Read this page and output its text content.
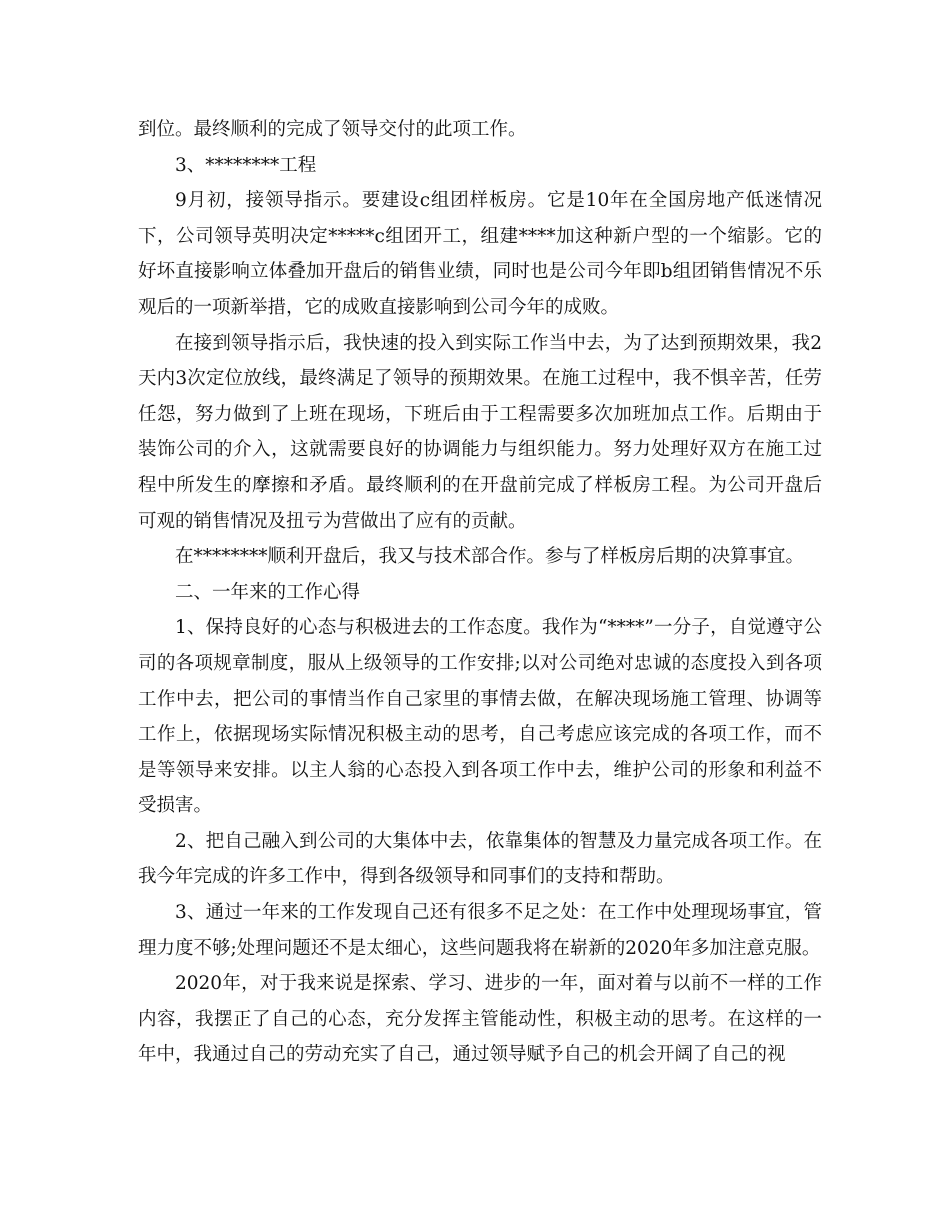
到位。最终顺利的完成了领导交付的此项工作。

3、********工程

9月初，接领导指示。要建设c组团样板房。它是10年在全国房地产低迷情况下，公司领导英明决定*****c组团开工，组建****加这种新户型的一个缩影。它的好坏直接影响立体叠加开盘后的销售业绩，同时也是公司今年即b组团销售情况不乐观后的一项新举措，它的成败直接影响到公司今年的成败。

在接到领导指示后，我快速的投入到实际工作当中去，为了达到预期效果，我2天内3次定位放线，最终满足了领导的预期效果。在施工过程中，我不惧辛苦，任劳任怨，努力做到了上班在现场，下班后由于工程需要多次加班加点工作。后期由于装饰公司的介入，这就需要良好的协调能力与组织能力。努力处理好双方在施工过程中所发生的摩擦和矛盾。最终顺利的在开盘前完成了样板房工程。为公司开盘后可观的销售情况及扭亏为营做出了应有的贡献。

在********顺利开盘后，我又与技术部合作。参与了样板房后期的决算事宜。

二、一年来的工作心得

1、保持良好的心态与积极进去的工作态度。我作为“****”一分子，自觉遵守公司的各项规章制度，服从上级领导的工作安排;以对公司绝对忠诚的态度投入到各项工作中去，把公司的事情当作自己家里的事情去做，在解决现场施工管理、协调等工作上，依据现场实际情况积极主动的思考，自己考虑应该完成的各项工作，而不是等领导来安排。以主人翁的心态投入到各项工作中去，维护公司的形象和利益不受损害。

2、把自己融入到公司的大集体中去，依靠集体的智慧及力量完成各项工作。在我今年完成的许多工作中，得到各级领导和同事们的支持和帮助。

3、通过一年来的工作发现自己还有很多不足之处：在工作中处理现场事宜，管理力度不够;处理问题还不是太细心，这些问题我将在崭新的2020年多加注意克服。

2020年，对于我来说是探索、学习、进步的一年，面对着与以前不一样的工作内容，我摆正了自己的心态，充分发挥主管能动性，积极主动的思考。在这样的一年中，我通过自己的劳动充实了自己，通过领导赋予自己的机会开阔了自己的视
